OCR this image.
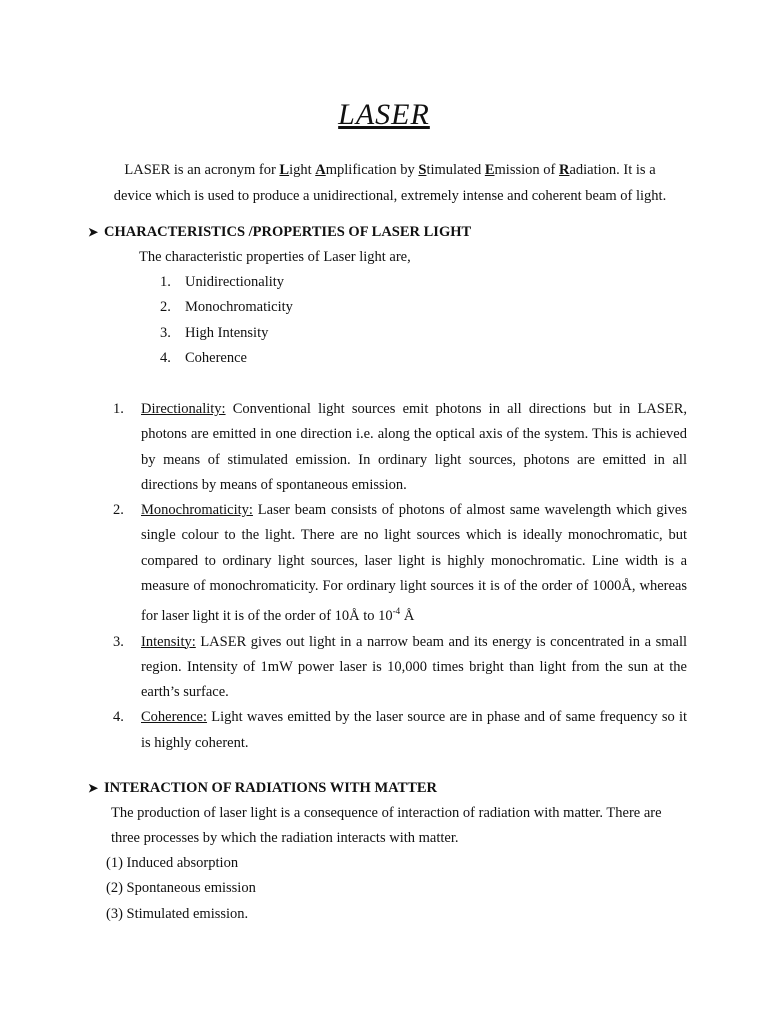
LASER
LASER is an acronym for Light Amplification by Stimulated Emission of Radiation. It is a
device which is used to produce a unidirectional, extremely intense and coherent beam of light.
➤ CHARACTERISTICS /PROPERTIES OF LASER LIGHT
The characteristic properties of Laser light are,
1. Unidirectionality
2. Monochromaticity
3. High Intensity
4. Coherence
1. Directionality: Conventional light sources emit photons in all directions but in LASER, photons are emitted in one direction i.e. along the optical axis of the system. This is achieved by means of stimulated emission. In ordinary light sources, photons are emitted in all directions by means of spontaneous emission.
2. Monochromaticity: Laser beam consists of photons of almost same wavelength which gives single colour to the light. There are no light sources which is ideally monochromatic, but compared to ordinary light sources, laser light is highly monochromatic. Line width is a measure of monochromaticity. For ordinary light sources it is of the order of 1000Å, whereas for laser light it is of the order of 10Å to $10^{-4}$ Å
3. Intensity: LASER gives out light in a narrow beam and its energy is concentrated in a small region. Intensity of 1mW power laser is 10,000 times bright than light from the sun at the earth’s surface.
4. Coherence: Light waves emitted by the laser source are in phase and of same frequency so it is highly coherent.
➤ INTERACTION OF RADIATIONS WITH MATTER
The production of laser light is a consequence of interaction of radiation with matter. There are three processes by which the radiation interacts with matter.
(1) Induced absorption
(2) Spontaneous emission
(3) Stimulated emission.
